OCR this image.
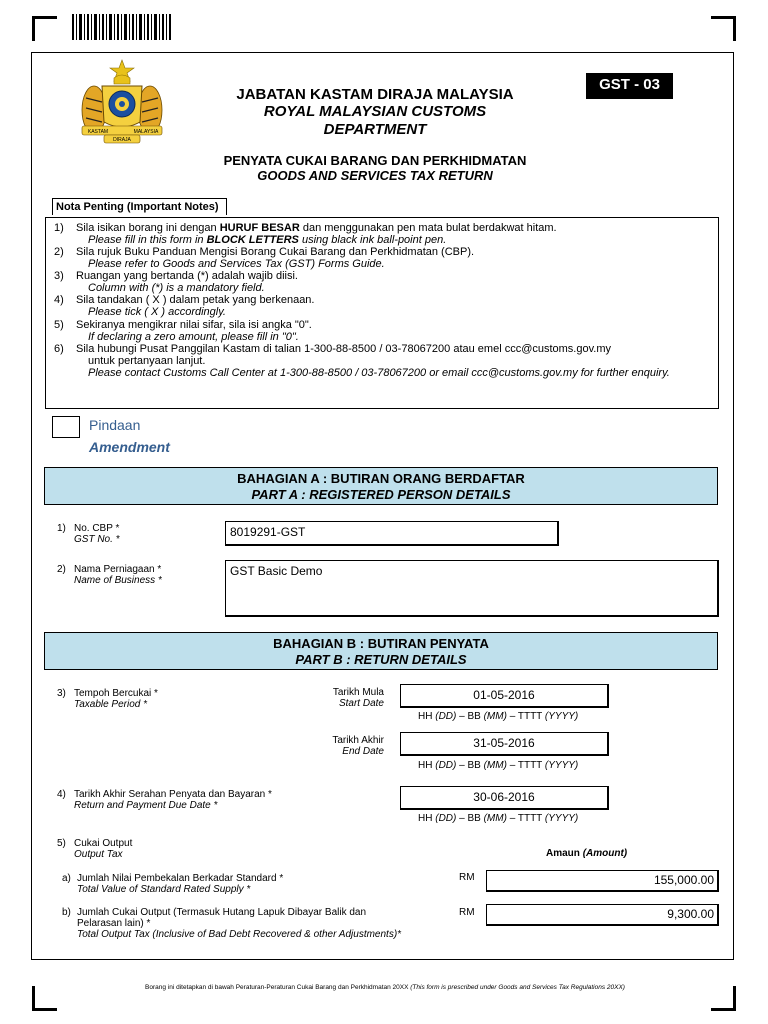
KASTAM	MALAYSIA
DIRAJA
GST - 03
JABATAN KASTAM DIRAJA MALAYSIA
ROYAL MALAYSIAN CUSTOMS
DEPARTMENT
PENYATA CUKAI BARANG DAN PERKHIDMATAN
GOODS AND SERVICES TAX RETURN
Nota Penting (Important Notes)
1)	Sila isikan borang ini dengan HURUF BESAR dan menggunakan pen mata bulat berdakwat hitam.
Please fill in this form in BLOCK LETTERS using black ink ball-point pen.
2)	Sila rujuk Buku Panduan Mengisi Borang Cukai Barang dan Perkhidmatan (CBP).
Please refer to Goods and Services Tax (GST) Forms Guide.
3)	Ruangan yang bertanda (*) adalah wajib diisi.
Column with (*) is a mandatory field.
4)	Sila tandakan ( X ) dalam petak yang berkenaan.
Please tick ( X ) accordingly.
5)	Sekiranya mengikrar nilai sifar, sila isi angka "0".
If declaring a zero amount, please fill in "0".
6)	Sila hubungi Pusat Panggilan Kastam di talian 1-300-88-8500 / 03-78067200 atau emel ccc@customs.gov.my
untuk pertanyaan lanjut.
Please contact Customs Call Center at 1-300-88-8500 / 03-78067200 or email ccc@customs.gov.my for further enquiry.
Pindaan
Amendment
BAHAGIAN A : BUTIRAN ORANG BERDAFTAR
PART A : REGISTERED PERSON DETAILS
1) No. CBP *
GST No. *
8019291-GST
2) Nama Perniagaan *
Name of Business *
GST Basic Demo
BAHAGIAN B : BUTIRAN PENYATA
PART B : RETURN DETAILS
3) Tempoh Bercukai *
Taxable Period *
Tarikh Mula
Start Date
01-05-2016
HH (DD) – BB (MM) – TTTT (YYYY)
Tarikh Akhir
End Date
31-05-2016
HH (DD) – BB (MM) – TTTT (YYYY)
4) Tarikh Akhir Serahan Penyata dan Bayaran *
Return and Payment Due Date *
30-06-2016
HH (DD) – BB (MM) – TTTT (YYYY)
5) Cukai Output
Output Tax	Amaun (Amount)
a) Jumlah Nilai Pembekalan Berkadar Standard *
Total Value of Standard Rated Supply *
RM	155,000.00
b) Jumlah Cukai Output (Termasuk Hutang Lapuk Dibayar Balik dan
Pelarasan lain) *
Total Output Tax (Inclusive of Bad Debt Recovered & other Adjustments)*
RM	9,300.00
Borang ini ditetapkan di bawah Peraturan-Peraturan Cukai Barang dan Perkhidmatan 20XX (This form is prescribed under Goods and Services Tax Regulations 20XX)
